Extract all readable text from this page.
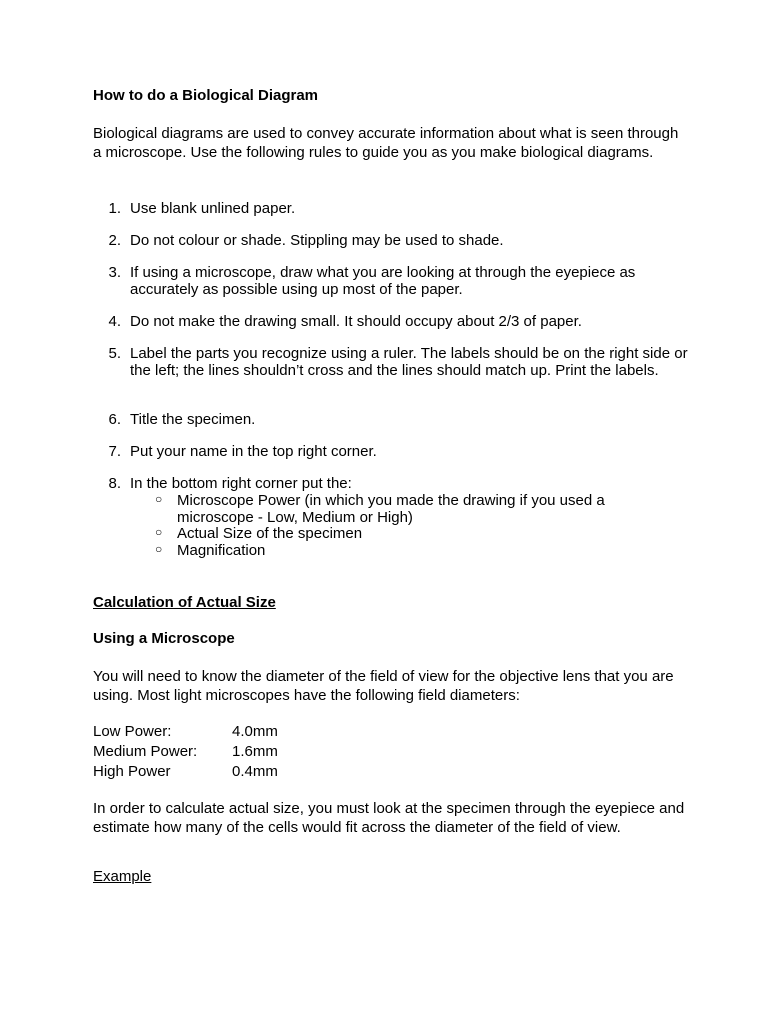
How to do a Biological Diagram
Biological diagrams are used to convey accurate information about what is seen through a microscope. Use the following rules to guide you as you make biological diagrams.
1. Use blank unlined paper.
2. Do not colour or shade. Stippling may be used to shade.
3. If using a microscope, draw what you are looking at through the eyepiece as accurately as possible using up most of the paper.
4. Do not make the drawing small. It should occupy about 2/3 of paper.
5. Label the parts you recognize using a ruler. The labels should be on the right side or the left; the lines shouldn’t cross and the lines should match up. Print the labels.
6. Title the specimen.
7. Put your name in the top right corner.
8. In the bottom right corner put the:
○ Microscope Power (in which you made the drawing if you used a microscope - Low, Medium or High)
○ Actual Size of the specimen
○ Magnification
Calculation of Actual Size
Using a Microscope
You will need to know the diameter of the field of view for the objective lens that you are using. Most light microscopes have the following field diameters:
Low Power:	4.0mm
Medium Power: 1.6mm
High Power	0.4mm
In order to calculate actual size, you must look at the specimen through the eyepiece and estimate how many of the cells would fit across the diameter of the field of view.
Example
